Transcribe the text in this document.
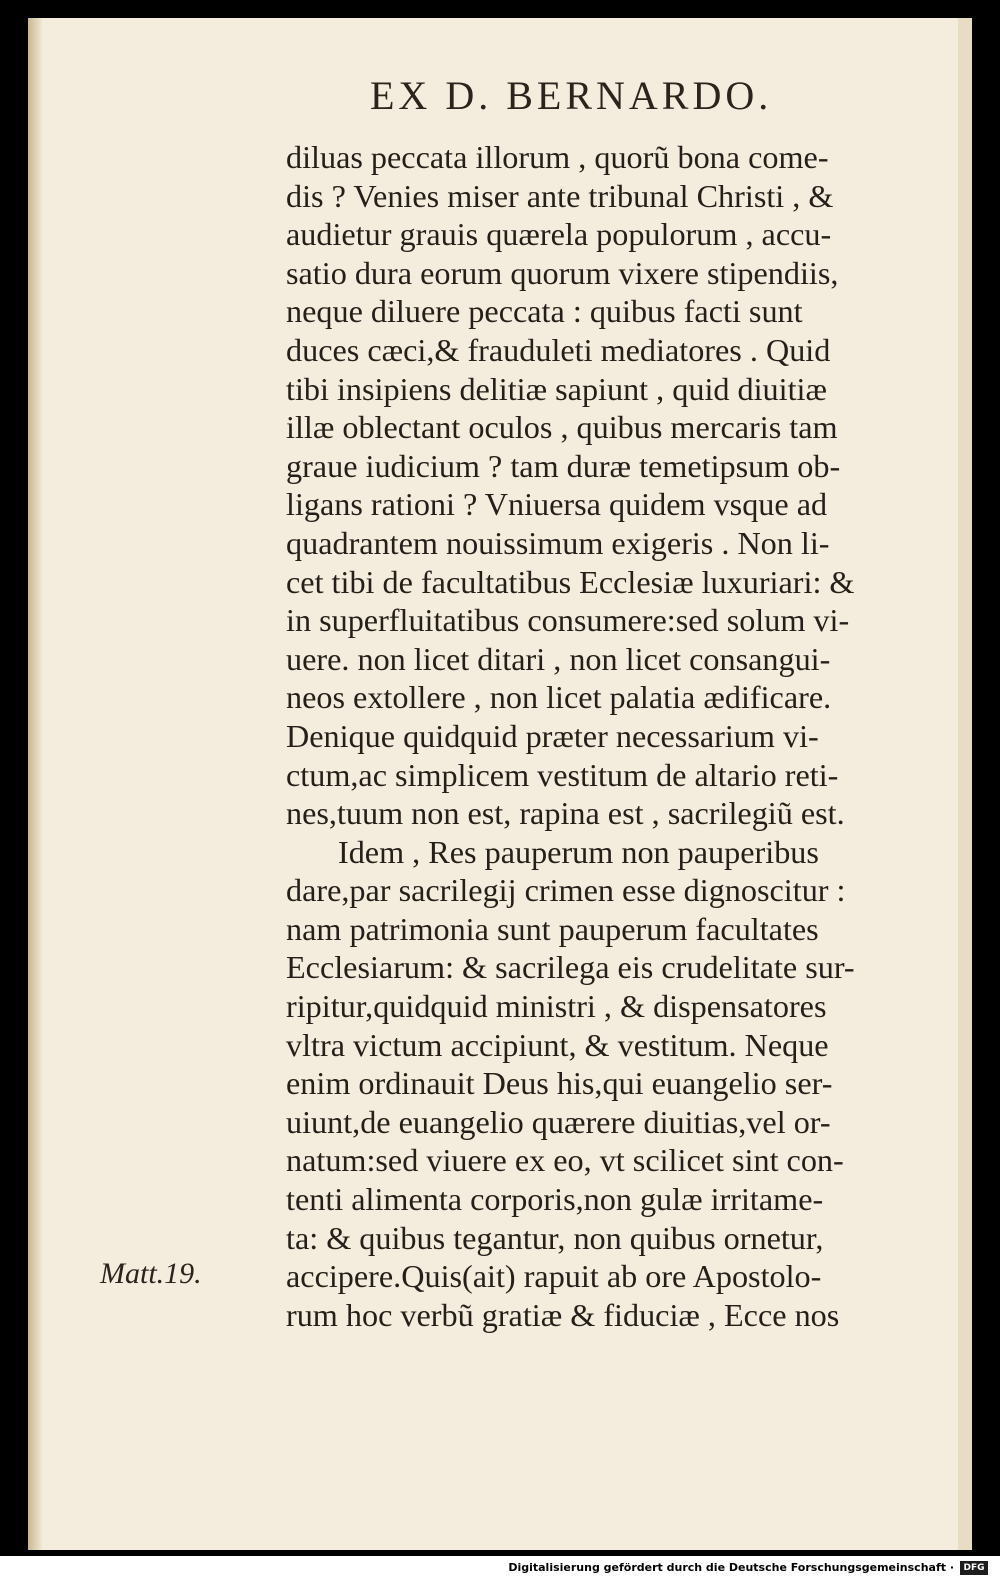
EX D. BERNARDO.
diluas peccata illorum , quorũ bona come-
dis ? Venies miser ante tribunal Christi , &
audietur grauis quærela populorum , accu-
satio dura eorum quorum vixere stipendiis,
neque diluere peccata : quibus facti sunt
duces cæci,& frauduleti mediatores . Quid
tibi insipiens delitiæ sapiunt , quid diuitiæ
illæ oblectant oculos , quibus mercaris tam
graue iudicium ? tam duræ temetipsum ob-
ligans rationi ? Vniuersa quidem vsque ad
quadrantem nouissimum exigeris . Non li-
cet tibi de facultatibus Ecclesiæ luxuriari: &
in superfluitatibus consumere:sed solum vi-
uere. non licet ditari , non licet consangui-
neos extollere , non licet palatia ædificare.
Denique quidquid præter necessarium vi-
ctum,ac simplicem vestitum de altario reti-
nes,tuum non est, rapina est , sacrilegiũ est.
Idem , Res pauperum non pauperibus
dare,par sacrilegij crimen esse dignoscitur :
nam patrimonia sunt pauperum facultates
Ecclesiarum: & sacrilega eis crudelitate sur-
ripitur,quidquid ministri , & dispensatores
vltra victum accipiunt, & vestitum. Neque
enim ordinauit Deus his,qui euangelio ser-
uiunt,de euangelio quærere diuitias,vel or-
natum:sed viuere ex eo, vt scilicet sint con-
tenti alimenta corporis,non gulæ irritame-
ta: & quibus tegantur, non quibus ornetur,
accipere.Quis(ait) rapuit ab ore Apostolo-
rum hoc verbũ gratiæ & fiduciæ , Ecce nos
Matt.19.
Digitalisierung gefördert durch die Deutsche Forschungsgemeinschaft ·	DFG
